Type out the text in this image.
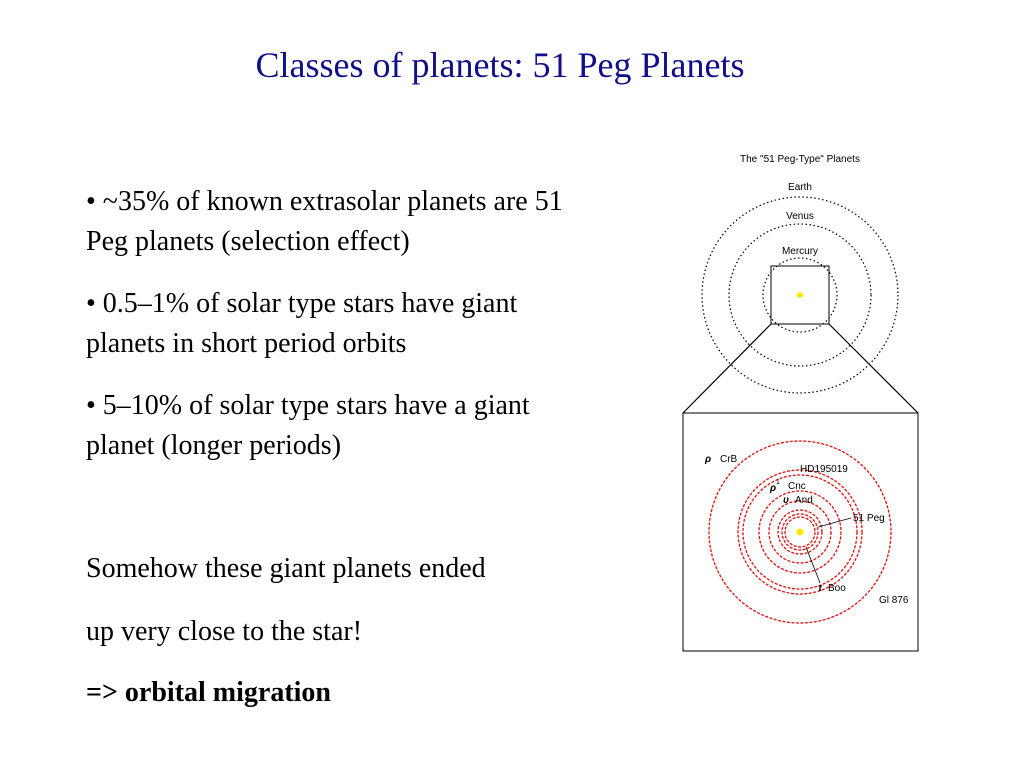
Classes of planets: 51 Peg Planets
• ~35% of known extrasolar planets are 51 Peg planets (selection effect)
• 0.5–1% of solar type stars have giant planets in short period orbits
• 5–10% of solar type stars have a giant planet (longer periods)
Somehow these giant planets ended
up very close to the star!
=> orbital migration
The "51 Peg-Type" Planets
Earth
Venus
Mercury
ρ CrB
HD195019
ρ
1 Cnc
υ And
51 Peg
τ Boo
Gl 876
